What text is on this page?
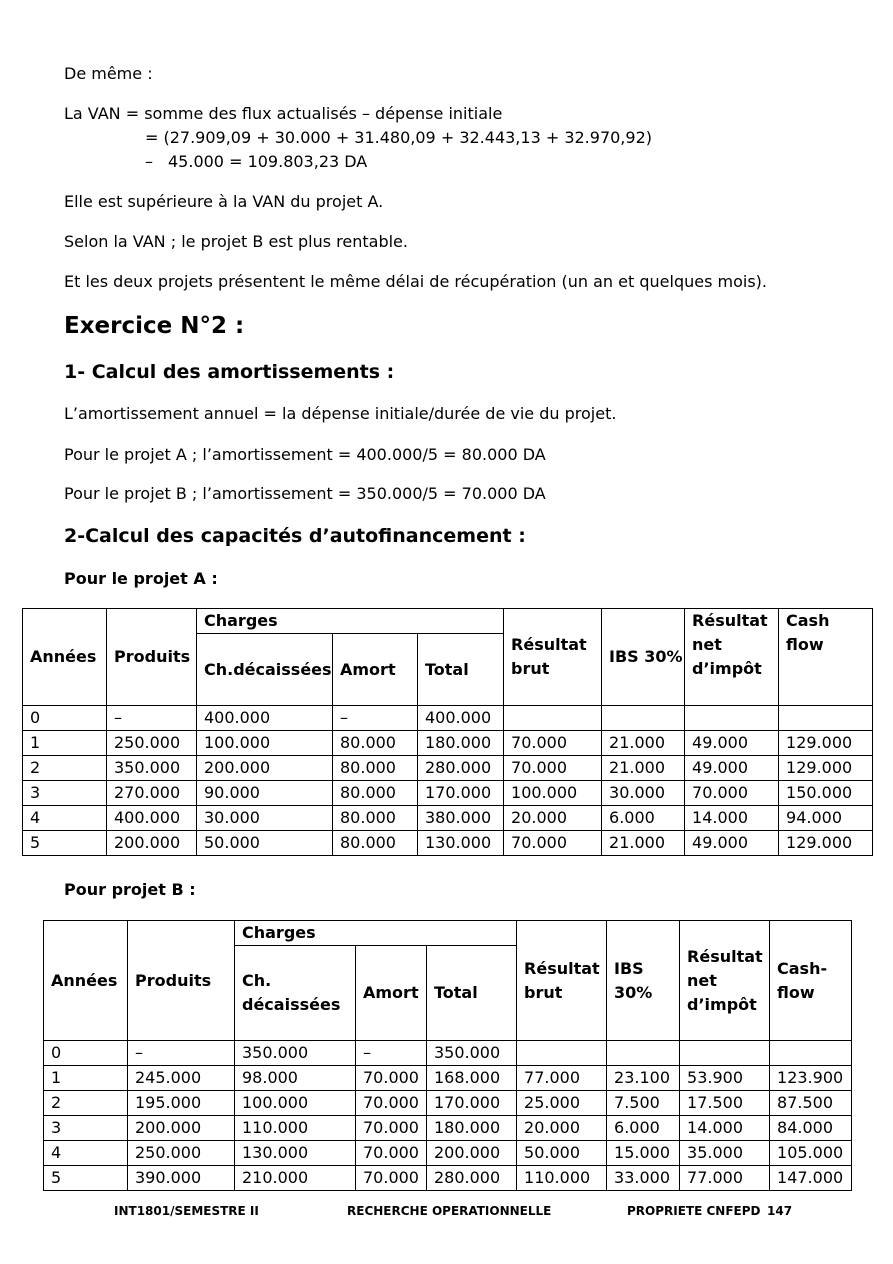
De même :
La VAN = somme des flux actualisés – dépense initiale
= (27.909,09 + 30.000 + 31.480,09 + 32.443,13 + 32.970,92)
– 45.000 = 109.803,23 DA
Elle est supérieure à la VAN du projet A.
Selon la VAN ; le projet B est plus rentable.
Et les deux projets présentent le même délai de récupération (un an et quelques mois).
Exercice N°2 :
1- Calcul des amortissements :
L’amortissement annuel = la dépense initiale/durée de vie du projet.
Pour le projet A ; l’amortissement = 400.000/5 = 80.000 DA
Pour le projet B ; l’amortissement = 350.000/5 = 70.000 DA
2-Calcul des capacités d’autofinancement :
Pour le projet A :
Années	Produits	Charges			Résultat brut	IBS 30%	Résultat net d’impôt	Cash flow
		Ch.décaissées	Amort	Total				
0	–	400.000	–	400.000				
1	250.000	100.000	80.000	180.000	70.000	21.000	49.000	129.000
2	350.000	200.000	80.000	280.000	70.000	21.000	49.000	129.000
3	270.000	90.000	80.000	170.000	100.000	30.000	70.000	150.000
4	400.000	30.000	80.000	380.000	20.000	6.000	14.000	94.000
5	200.000	50.000	80.000	130.000	70.000	21.000	49.000	129.000
Pour projet B :
Années	Produits	Charges			Résultat brut	IBS 30%	Résultat net d’impôt	Cash-flow
		Ch. décaissées	Amort	Total				
0	–	350.000	–	350.000				
1	245.000	98.000	70.000	168.000	77.000	23.100	53.900	123.900
2	195.000	100.000	70.000	170.000	25.000	7.500	17.500	87.500
3	200.000	110.000	70.000	180.000	20.000	6.000	14.000	84.000
4	250.000	130.000	70.000	200.000	50.000	15.000	35.000	105.000
5	390.000	210.000	70.000	280.000	110.000	33.000	77.000	147.000
INT1801/SEMESTRE II	RECHERCHE OPERATIONNELLE	PROPRIETE CNFEPD 147
